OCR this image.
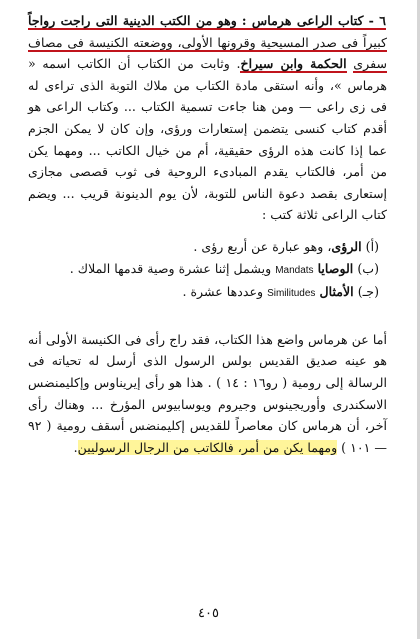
٦ - كتاب الراعى هرماس : وهو من الكتب الدينية التى راجت رواجاً كبيراً فى صدر المسيحية وقرونها الأولى، ووضعته الكنيسة فى مصاف سفرى الحكمة وابن سيراخ. وثابت من الكتاب أن الكاتب اسمه « هرماس »، وأنه استقى مادة الكتاب من ملاك التوبة الذى تراءى له فى زى راعى — ومن هنا جاءت تسمية الكتاب ... وكتاب الراعى هو أقدم كتاب كنسى يتضمن إستعارات ورؤى، وإن كان لا يمكن الجزم عما إذا كانت هذه الرؤى حقيقية، أم من خيال الكاتب ... ومهما يكن من أمر، فالكتاب يقدم المبادىء الروحية فى ثوب قصصى مجازى إستعارى بقصد دعوة الناس للتوبة، لأن يوم الدينونة قريب ... ويضم كتاب الراعى ثلاثة كتب :

(أ) الرؤى، وهو عبارة عن أربع رؤى .
(ب) الوصايا Mandats ويشمل إثنا عشرة وصية قدمها الملاك .
(جـ) الأمثال Similitudes وعددها عشرة .

أما عن هرماس واضع هذا الكتاب، فقد راج رأى فى الكنيسة الأولى أنه هو عينه صديق القديس بولس الرسول الذى أرسل له تحياته فى الرسالة إلى رومية ( رو١٦ : ١٤ ) . هذا هو رأى إيريناوس وإكليمنضس الاسكندرى وأوريجينوس وجيروم ويوسابيوس المؤرخ ... وهناك رأى آخر، أن هرماس كان معاصراً للقديس إكليمنضس أسقف رومية ( ٩٢ — ١٠١ ) ومهما يكن من أمر، فالكاتب من الرجال الرسوليين.

٤٠٥
